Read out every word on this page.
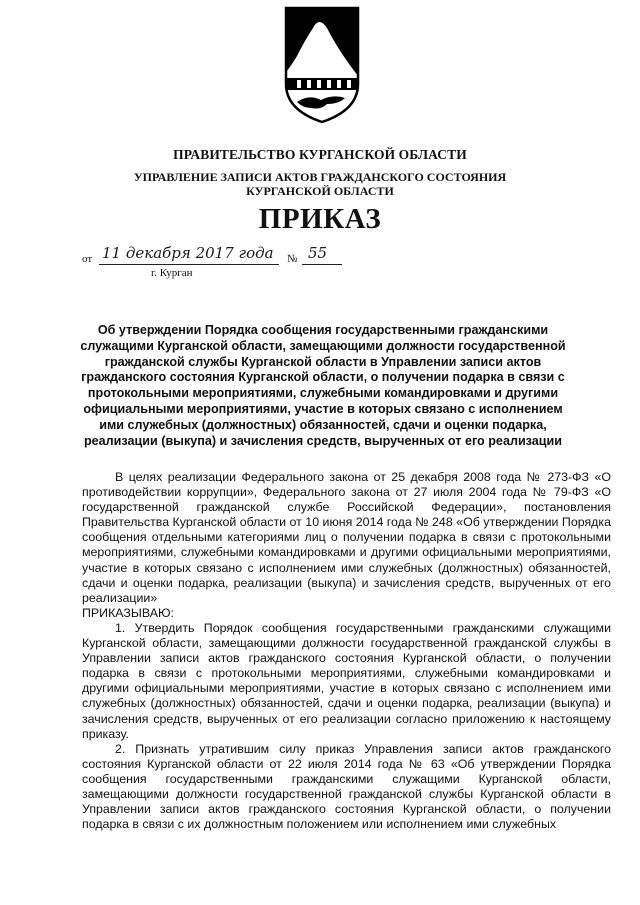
ПРАВИТЕЛЬСТВО КУРГАНСКОЙ ОБЛАСТИ
УПРАВЛЕНИЕ ЗАПИСИ АКТОВ ГРАЖДАНСКОГО СОСТОЯНИЯ
КУРГАНСКОЙ ОБЛАСТИ
ПРИКАЗ
от 11 декабря 2017 года № 55
г. Курган
Об утверждении Порядка сообщения государственными гражданскими служащими Курганской области, замещающими должности государственной гражданской службы Курганской области в Управлении записи актов гражданского состояния Курганской области, о получении подарка в связи с протокольными мероприятиями, служебными командировками и другими официальными мероприятиями, участие в которых связано с исполнением ими служебных (должностных) обязанностей, сдачи и оценки подарка, реализации (выкупа) и зачисления средств, вырученных от его реализации

В целях реализации Федерального закона от 25 декабря 2008 года № 273-ФЗ «О противодействии коррупции», Федерального закона от 27 июля 2004 года № 79-ФЗ «О государственной гражданской службе Российской Федерации», постановления Правительства Курганской области от 10 июня 2014 года № 248 «Об утверждении Порядка сообщения отдельными категориями лиц о получении подарка в связи с протокольными мероприятиями, служебными командировками и другими официальными мероприятиями, участие в которых связано с исполнением ими служебных (должностных) обязанностей, сдачи и оценки подарка, реализации (выкупа) и зачисления средств, вырученных от его реализации»

ПРИКАЗЫВАЮ:

1. Утвердить Порядок сообщения государственными гражданскими служащими Курганской области, замещающими должности государственной гражданской службы в Управлении записи актов гражданского состояния Курганской области, о получении подарка в связи с протокольными мероприятиями, служебными командировками и другими официальными мероприятиями, участие в которых связано с исполнением ими служебных (должностных) обязанностей, сдачи и оценки подарка, реализации (выкупа) и зачисления средств, вырученных от его реализации согласно приложению к настоящему приказу.

2. Признать утратившим силу приказ Управления записи актов гражданского состояния Курганской области от 22 июля 2014 года № 63 «Об утверждении Порядка сообщения государственными гражданскими служащими Курганской области, замещающими должности государственной гражданской службы Курганской области в Управлении записи актов гражданского состояния Курганской области, о получении подарка в связи с их должностным положением или исполнением ими служебных
